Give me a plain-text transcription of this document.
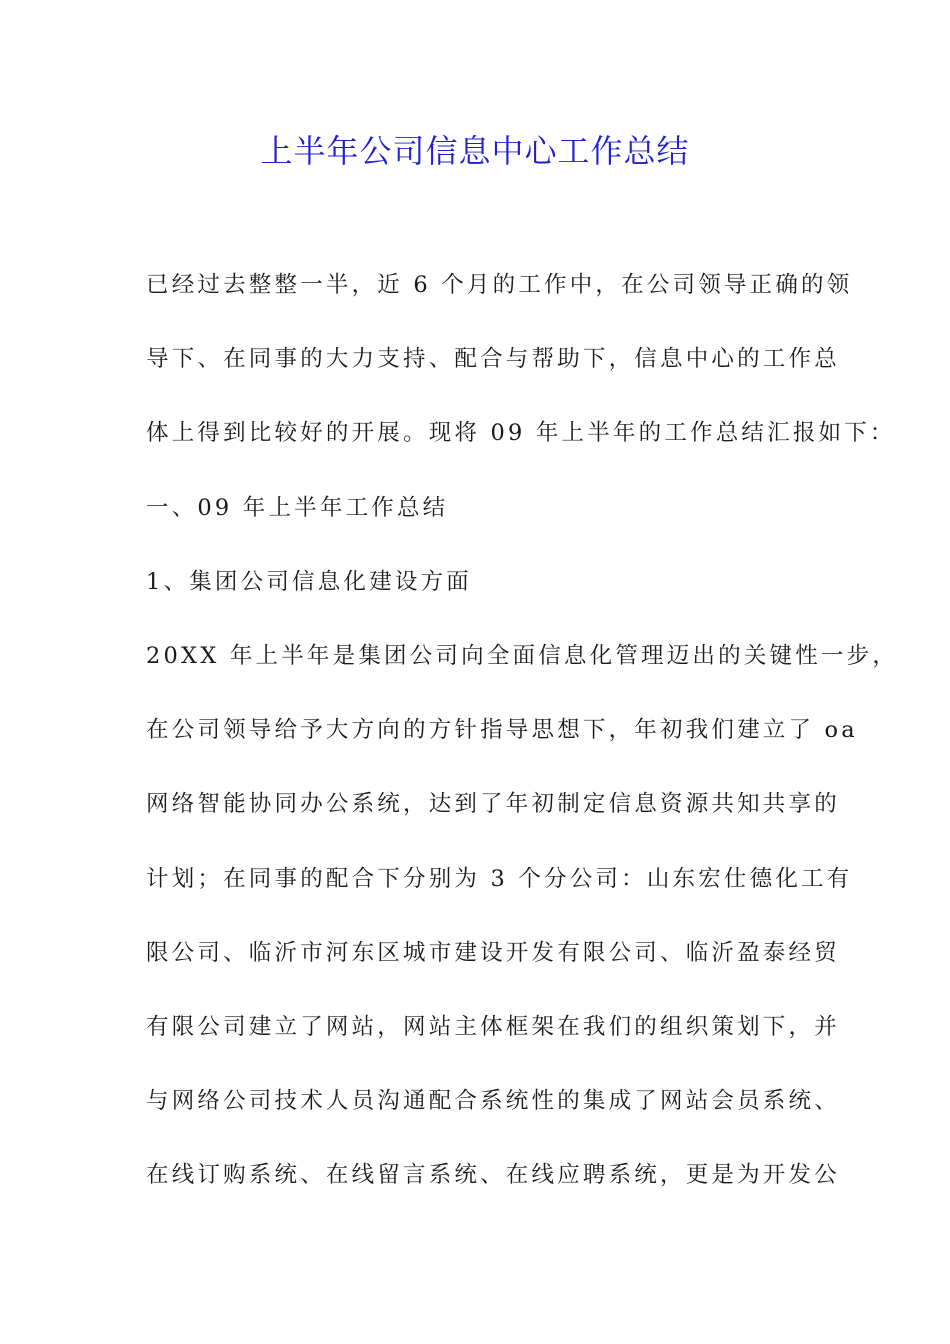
上半年公司信息中心工作总结

已经过去整整一半，近 6 个月的工作中，在公司领导正确的领

导下、在同事的大力支持、配合与帮助下，信息中心的工作总

体上得到比较好的开展。现将 09 年上半年的工作总结汇报如下：

一、09 年上半年工作总结

1、集团公司信息化建设方面

20XX 年上半年是集团公司向全面信息化管理迈出的关键性一步，

在公司领导给予大方向的方针指导思想下，年初我们建立了 oa

网络智能协同办公系统，达到了年初制定信息资源共知共享的

计划；在同事的配合下分别为 3 个分公司：山东宏仕德化工有

限公司、临沂市河东区城市建设开发有限公司、临沂盈泰经贸

有限公司建立了网站，网站主体框架在我们的组织策划下，并

与网络公司技术人员沟通配合系统性的集成了网站会员系统、

在线订购系统、在线留言系统、在线应聘系统，更是为开发公
